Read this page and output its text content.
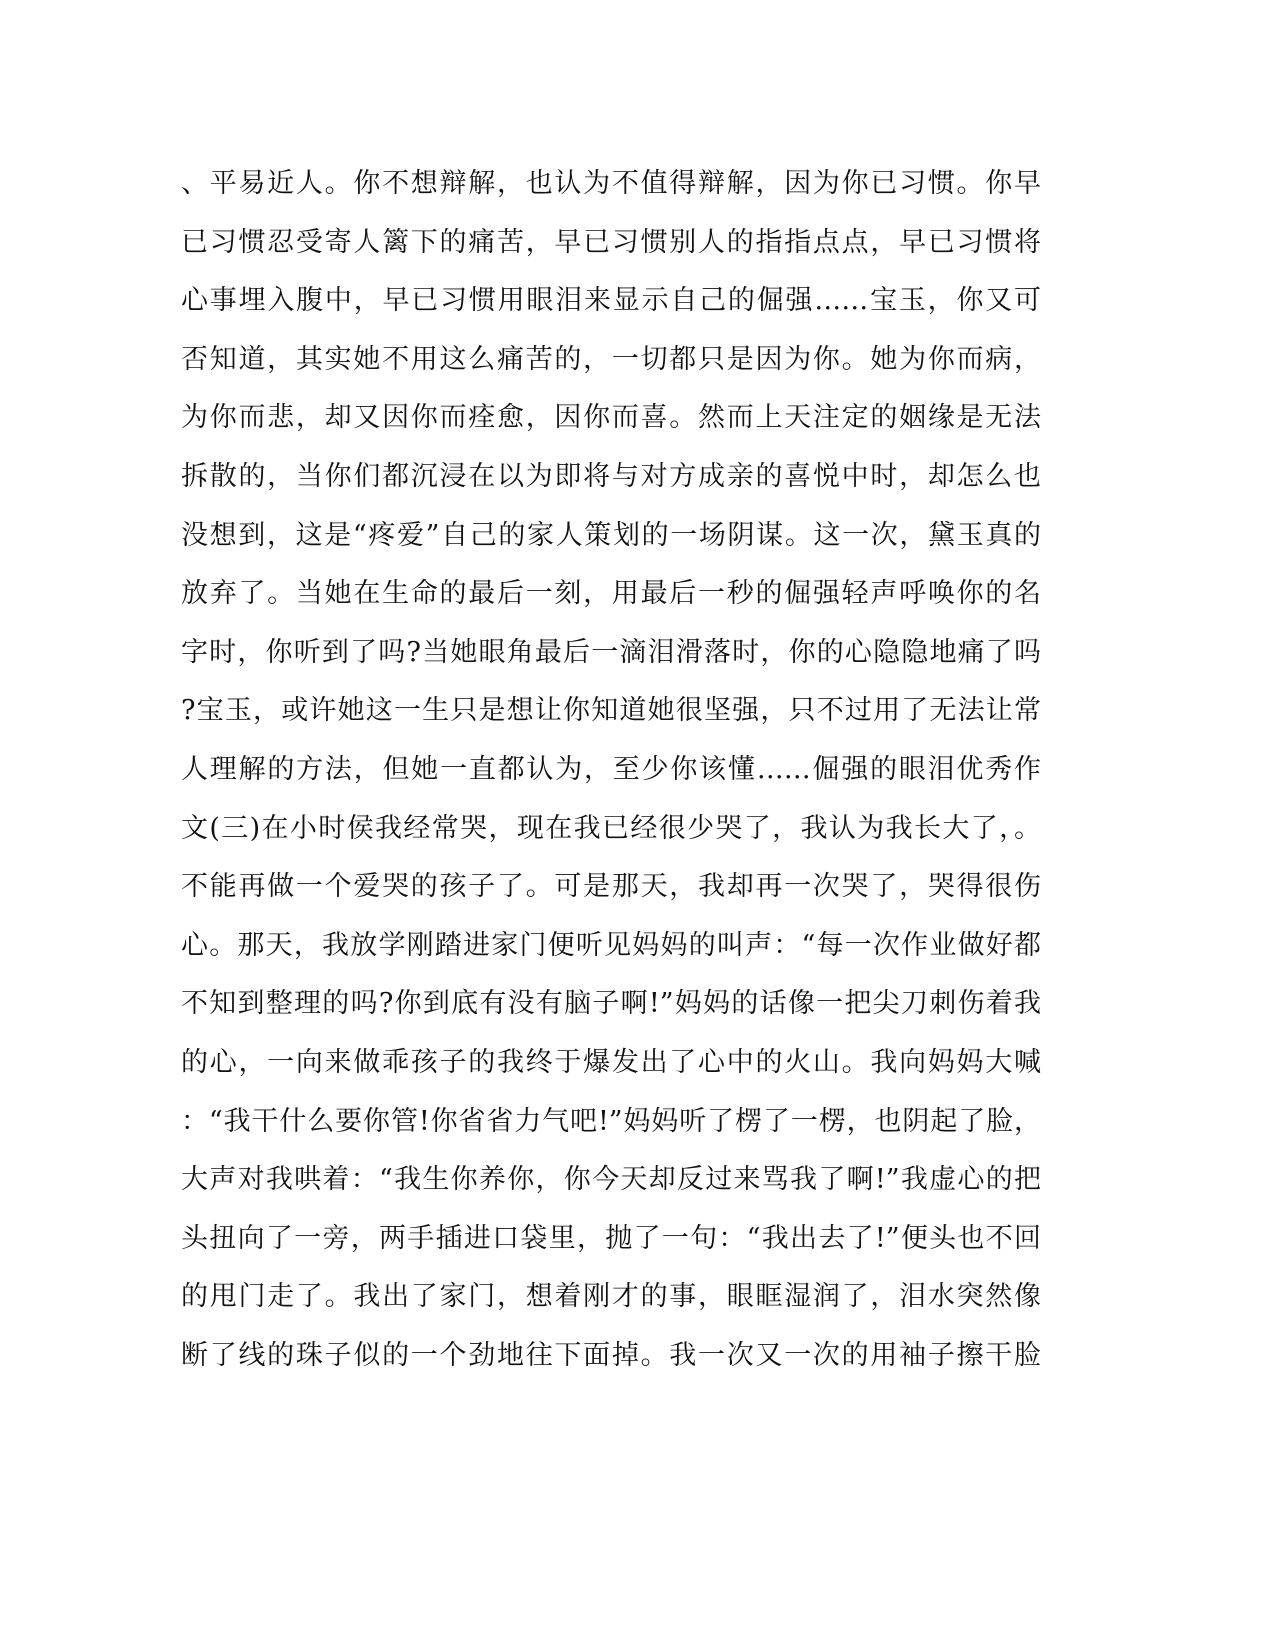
、平易近人。你不想辩解，也认为不值得辩解，因为你已习惯。你早
已习惯忍受寄人篱下的痛苦，早已习惯别人的指指点点，早已习惯将
心事埋入腹中，早已习惯用眼泪来显示自己的倔强……宝玉，你又可
否知道，其实她不用这么痛苦的，一切都只是因为你。她为你而病，
为你而悲，却又因你而痊愈，因你而喜。然而上天注定的姻缘是无法
拆散的，当你们都沉浸在以为即将与对方成亲的喜悦中时，却怎么也
没想到，这是“疼爱”自己的家人策划的一场阴谋。这一次，黛玉真的
放弃了。当她在生命的最后一刻，用最后一秒的倔强轻声呼唤你的名
字时，你听到了吗?当她眼角最后一滴泪滑落时，你的心隐隐地痛了吗
?宝玉，或许她这一生只是想让你知道她很坚强，只不过用了无法让常
人理解的方法，但她一直都认为，至少你该懂……倔强的眼泪优秀作
文(三)在小时侯我经常哭，现在我已经很少哭了，我认为我长大了，。
不能再做一个爱哭的孩子了。可是那天，我却再一次哭了，哭得很伤
心。那天，我放学刚踏进家门便听见妈妈的叫声：“每一次作业做好都
不知到整理的吗?你到底有没有脑子啊!”妈妈的话像一把尖刀刺伤着我
的心，一向来做乖孩子的我终于爆发出了心中的火山。我向妈妈大喊
：“我干什么要你管!你省省力气吧!”妈妈听了楞了一楞，也阴起了脸，
大声对我哄着：“我生你养你，你今天却反过来骂我了啊!”我虚心的把
头扭向了一旁，两手插进口袋里，抛了一句：“我出去了!”便头也不回
的甩门走了。我出了家门，想着刚才的事，眼眶湿润了，泪水突然像
断了线的珠子似的一个劲地往下面掉。我一次又一次的用袖子擦干脸
